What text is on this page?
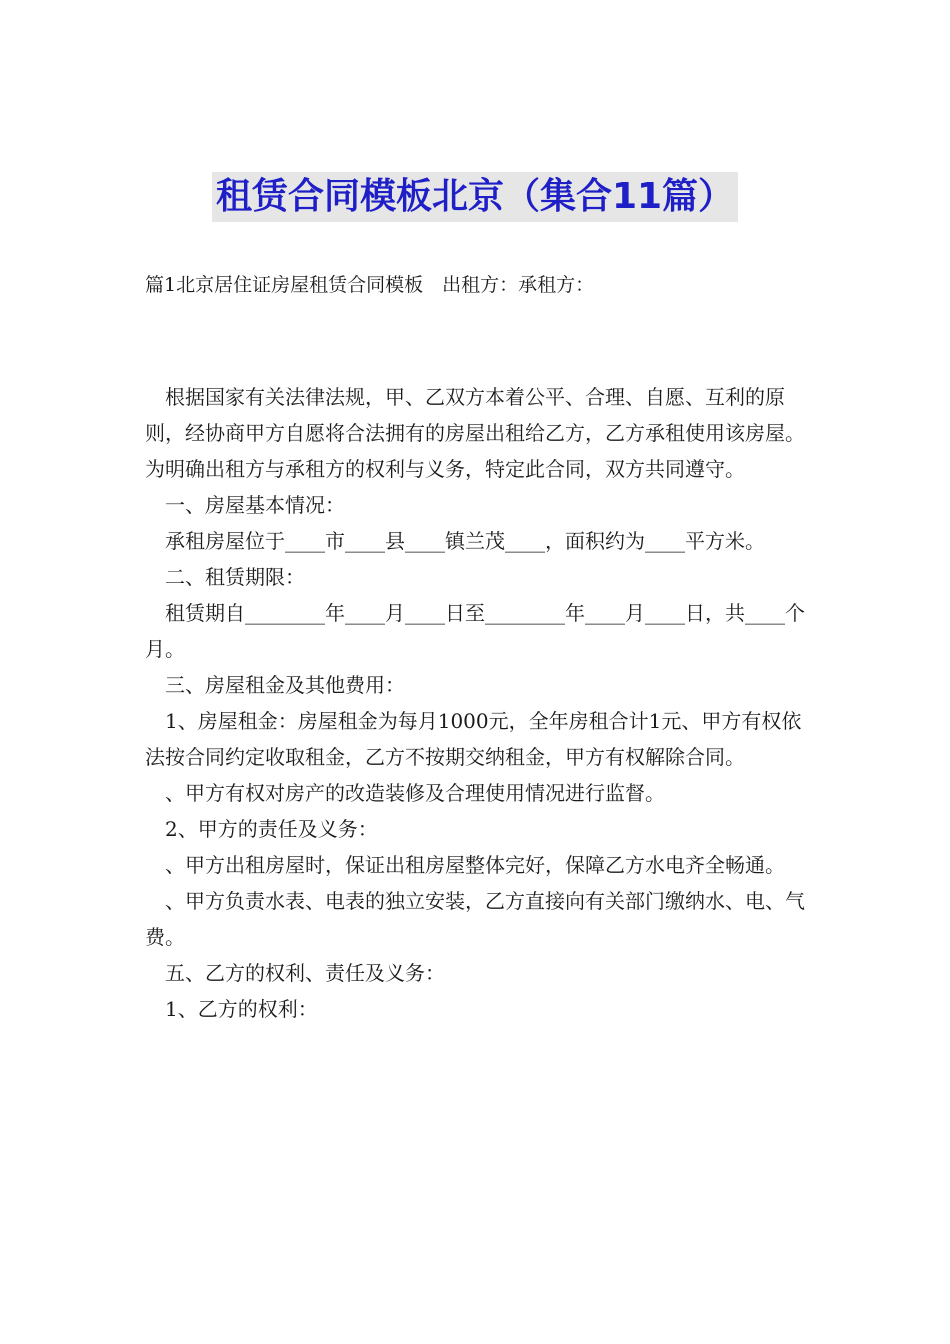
租赁合同模板北京（集合11篇）
篇1北京居住证房屋租赁合同模板　出租方：承租方：

　根据国家有关法律法规，甲、乙双方本着公平、合理、自愿、互利的原则，经协商甲方自愿将合法拥有的房屋出租给乙方，乙方承租使用该房屋。为明确出租方与承租方的权利与义务，特定此合同，双方共同遵守。

　一、房屋基本情况：

　承租房屋位于____市____县____镇兰茂____，面积约为____平方米。

　二、租赁期限：

　租赁期自________年____月____日至________年____月____日，共____个月。

　三、房屋租金及其他费用：

　1、房屋租金：房屋租金为每月1000元，全年房租合计1元、甲方有权依法按合同约定收取租金，乙方不按期交纳租金，甲方有权解除合同。

　、甲方有权对房产的改造装修及合理使用情况进行监督。

　2、甲方的责任及义务：

　、甲方出租房屋时，保证出租房屋整体完好，保障乙方水电齐全畅通。

　、甲方负责水表、电表的独立安装，乙方直接向有关部门缴纳水、电、气费。

　五、乙方的权利、责任及义务：

　1、乙方的权利：
